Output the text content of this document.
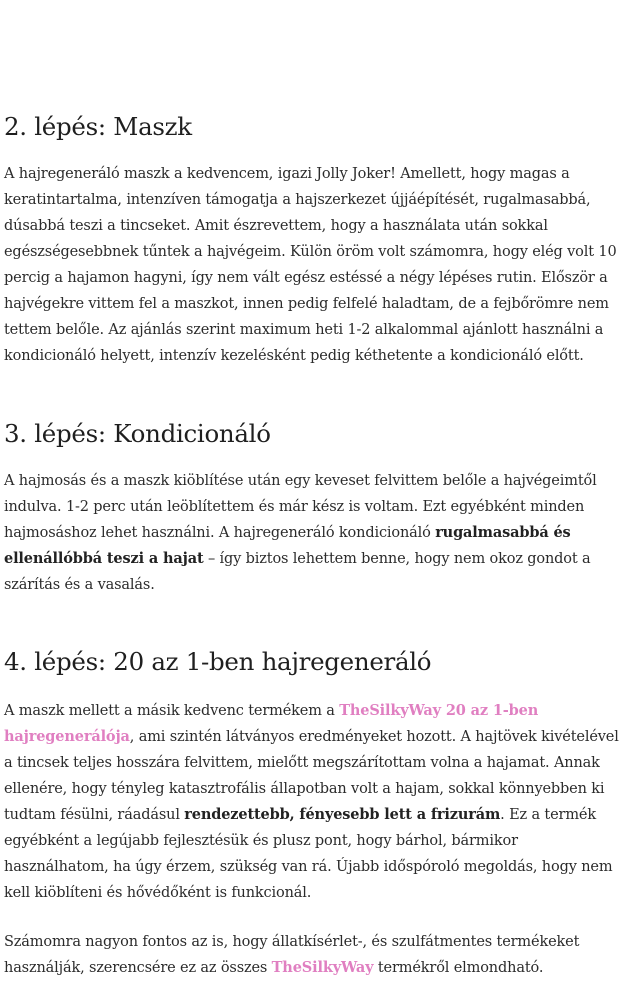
2. lépés: Maszk

A hajregeneráló maszk a kedvencem, igazi Jolly Joker! Amellett, hogy magas a keratintartalma, intenzíven támogatja a hajszerkezet újjáépítését, rugalmasabbá, dúsabbá teszi a tincseket. Amit észrevettem, hogy a használata után sokkal egészségesebbnek tűntek a hajvégeim. Külön öröm volt számomra, hogy elég volt 10 percig a hajamon hagyni, így nem vált egész estéssé a négy lépéses rutin. Először a hajvégekre vittem fel a maszkot, innen pedig felfelé haladtam, de a fejbőrömre nem tettem belőle. Az ajánlás szerint maximum heti 1-2 alkalommal ajánlott használni a kondicionáló helyett, intenzív kezelésként pedig kéthetente a kondicionáló előtt.

3. lépés: Kondicionáló

A hajmosás és a maszk kiöblítése után egy keveset felvittem belőle a hajvégeimtől indulva. 1-2 perc után leöblítettem és már kész is voltam. Ezt egyébként minden hajmosáshoz lehet használni. A hajregeneráló kondicionáló rugalmasabbá és ellenállóbbá teszi a hajat – így biztos lehettem benne, hogy nem okoz gondot a szárítás és a vasalás.

4. lépés: 20 az 1-ben hajregeneráló

A maszk mellett a másik kedvenc termékem a TheSilkyWay 20 az 1-ben hajregenerálója, ami szintén látványos eredményeket hozott. A hajtövek kivételével a tincsek teljes hosszára felvittem, mielőtt megszárítottam volna a hajamat. Annak ellenére, hogy tényleg katasztrofális állapotban volt a hajam, sokkal könnyebben ki tudtam fésülni, ráadásul rendezettebb, fényesebb lett a frizurám. Ez a termék egyébként a legújabb fejlesztésük és plusz pont, hogy bárhol, bármikor használhatom, ha úgy érzem, szükség van rá. Újabb időspóroló megoldás, hogy nem kell kiöblíteni és hővédőként is funkcionál.

Számomra nagyon fontos az is, hogy állatkísérlet-, és szulfátmentes termékeket használják, szerencsére ez az összes TheSilkyWay termékről elmondható.
